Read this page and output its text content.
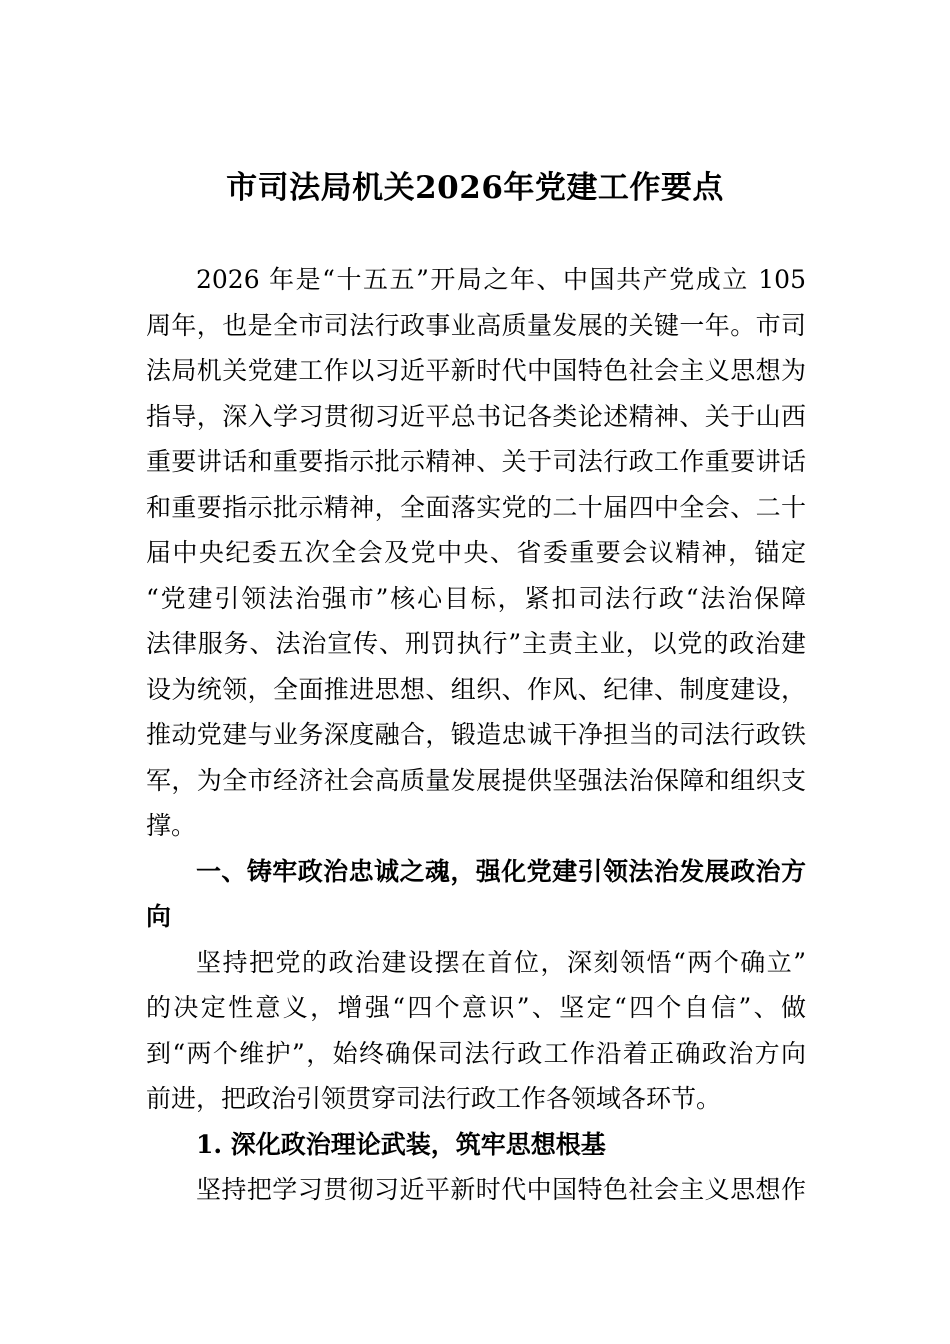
市司法局机关2026年党建工作要点
2026 年是“十五五”开局之年、中国共产党成立 105
周年，也是全市司法行政事业高质量发展的关键一年。市司
法局机关党建工作以习近平新时代中国特色社会主义思想为
指导，深入学习贯彻习近平总书记各类论述精神、关于山西
重要讲话和重要指示批示精神、关于司法行政工作重要讲话
和重要指示批示精神，全面落实党的二十届四中全会、二十
届中央纪委五次全会及党中央、省委重要会议精神，锚定
“党建引领法治强市”核心目标，紧扣司法行政“法治保障
法律服务、法治宣传、刑罚执行”主责主业，以党的政治建
设为统领，全面推进思想、组织、作风、纪律、制度建设，
推动党建与业务深度融合，锻造忠诚干净担当的司法行政铁
军，为全市经济社会高质量发展提供坚强法治保障和组织支
撑。
一、铸牢政治忠诚之魂，强化党建引领法治发展政治方
向
坚持把党的政治建设摆在首位，深刻领悟“两个确立”
的决定性意义，增强“四个意识”、坚定“四个自信”、做
到“两个维护”，始终确保司法行政工作沿着正确政治方向
前进，把政治引领贯穿司法行政工作各领域各环节。
1. 深化政治理论武装，筑牢思想根基
坚持把学习贯彻习近平新时代中国特色社会主义思想作
